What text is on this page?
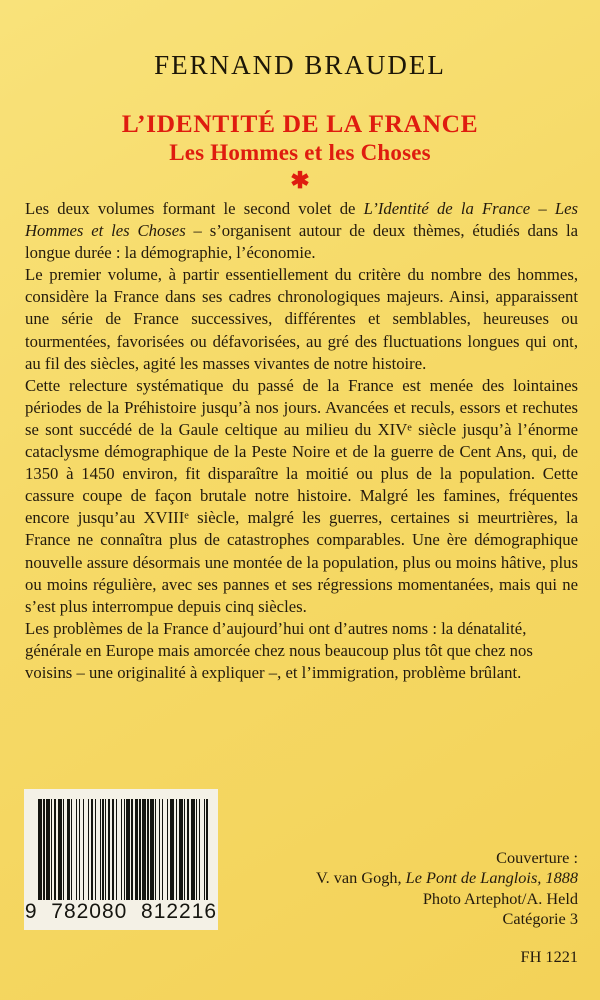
FERNAND BRAUDEL
L’IDENTITÉ DE LA FRANCE
Les Hommes et les Choses
✱

Les deux volumes formant le second volet de L’Identité de la France – Les Hommes et les Choses – s’organisent autour de deux thèmes, étudiés dans la longue durée : la démographie, l’économie.

Le premier volume, à partir essentiellement du critère du nombre des hommes, considère la France dans ses cadres chronologiques majeurs. Ainsi, apparaissent une série de France successives, différentes et semblables, heureuses ou tourmentées, favorisées ou défavorisées, au gré des fluctuations longues qui ont, au fil des siècles, agité les masses vivantes de notre histoire.

Cette relecture systématique du passé de la France est menée des lointaines périodes de la Préhistoire jusqu’à nos jours. Avancées et reculs, essors et rechutes se sont succédé de la Gaule celtique au milieu du XIVe siècle jusqu’à l’énorme cataclysme démographique de la Peste Noire et de la guerre de Cent Ans, qui, de 1350 à 1450 environ, fit disparaître la moitié ou plus de la population. Cette cassure coupe de façon brutale notre histoire. Malgré les famines, fréquentes encore jusqu’au XVIIIe siècle, malgré les guerres, certaines si meurtrières, la France ne connaîtra plus de catastrophes comparables. Une ère démographique nouvelle assure désormais une montée de la population, plus ou moins hâtive, plus ou moins régulière, avec ses pannes et ses régressions momentanées, mais qui ne s’est plus interrompue depuis cinq siècles.

Les problèmes de la France d’aujourd’hui ont d’autres noms : la dénatalité, générale en Europe mais amorcée chez nous beaucoup plus tôt que chez nos voisins – une originalité à expliquer –, et l’immigration, problème brûlant.

9  782080  812216
Couverture :
V. van Gogh, Le Pont de Langlois, 1888
Photo Artephot/A. Held
Catégorie 3
FH 1221
